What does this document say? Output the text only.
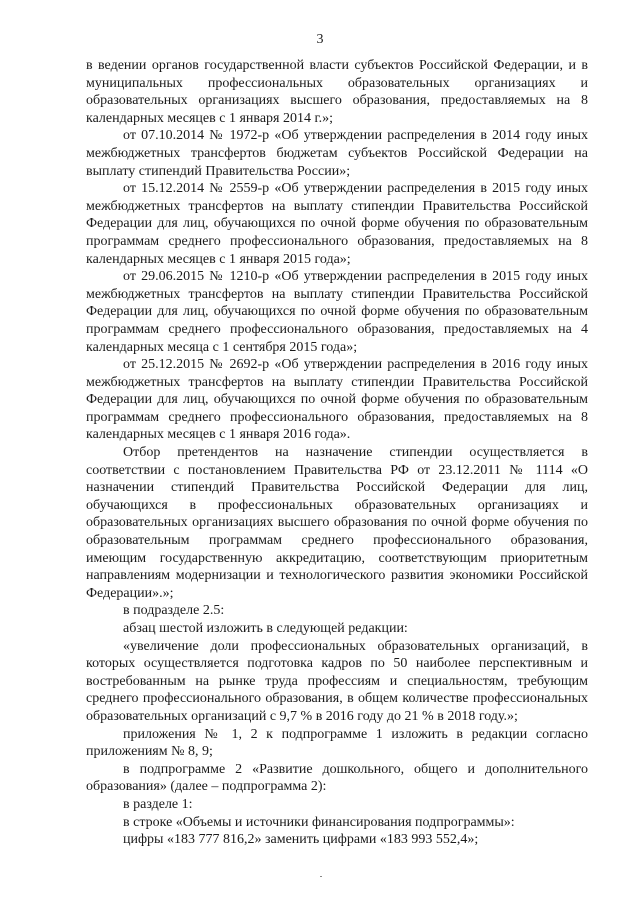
3

в ведении органов государственной власти субъектов Российской Федерации, и в муниципальных профессиональных образовательных организациях и образовательных организациях высшего образования, предоставляемых на 8 календарных месяцев с 1 января 2014 г.»;

от 07.10.2014 № 1972-р «Об утверждении распределения в 2014 году иных межбюджетных трансфертов бюджетам субъектов Российской Федерации на выплату стипендий Правительства России»;

от 15.12.2014 № 2559-р «Об утверждении распределения в 2015 году иных межбюджетных трансфертов на выплату стипендии Правительства Российской Федерации для лиц, обучающихся по очной форме обучения по образовательным программам среднего профессионального образования, предоставляемых на 8 календарных месяцев с 1 января 2015 года»;

от 29.06.2015 № 1210-р «Об утверждении распределения в 2015 году иных межбюджетных трансфертов на выплату стипендии Правительства Российской Федерации для лиц, обучающихся по очной форме обучения по образовательным программам среднего профессионального образования, предоставляемых на 4 календарных месяца с 1 сентября 2015 года»;

от 25.12.2015 № 2692-р «Об утверждении распределения в 2016 году иных межбюджетных трансфертов на выплату стипендии Правительства Российской Федерации для лиц, обучающихся по очной форме обучения по образовательным программам среднего профессионального образования, предоставляемых на 8 календарных месяцев с 1 января 2016 года».

Отбор претендентов на назначение стипендии осуществляется в соответствии с постановлением Правительства РФ от 23.12.2011 № 1114 «О назначении стипендий Правительства Российской Федерации для лиц, обучающихся в профессиональных образовательных организациях и образовательных организациях высшего образования по очной форме обучения по образовательным программам среднего профессионального образования, имеющим государственную аккредитацию, соответствующим приоритетным направлениям модернизации и технологического развития экономики Российской Федерации».»;

в подразделе 2.5:

абзац шестой изложить в следующей редакции:

«увеличение доли профессиональных образовательных организаций, в которых осуществляется подготовка кадров по 50 наиболее перспективным и востребованным на рынке труда профессиям и специальностям, требующим среднего профессионального образования, в общем количестве профессиональных образовательных организаций с 9,7 % в 2016 году до 21 % в 2018 году.»;

приложения № 1, 2 к подпрограмме 1 изложить в редакции согласно приложениям № 8, 9;

в подпрограмме 2 «Развитие дошкольного, общего и дополнительного образования» (далее – подпрограмма 2):

в разделе 1:

в строке «Объемы и источники финансирования подпрограммы»:

цифры «183 777 816,2» заменить цифрами «183 993 552,4»;
